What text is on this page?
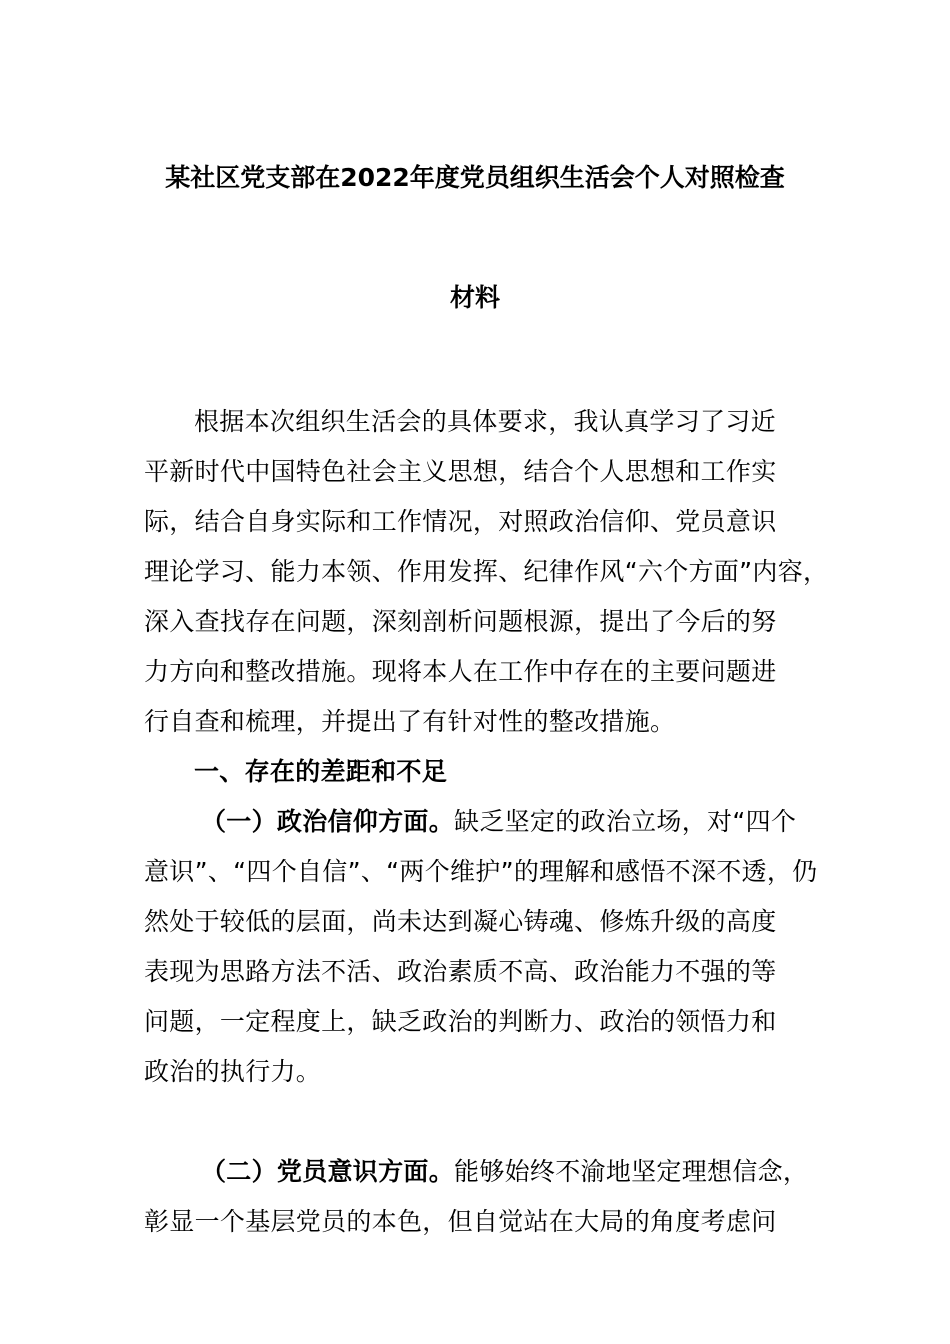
某社区党支部在2022年度党员组织生活会个人对照检查
材料
根据本次组织生活会的具体要求，我认真学习了习近
平新时代中国特色社会主义思想，结合个人思想和工作实
际，结合自身实际和工作情况，对照政治信仰、党员意识
理论学习、能力本领、作用发挥、纪律作风“六个方面”内容，
深入查找存在问题，深刻剖析问题根源，提出了今后的努
力方向和整改措施。现将本人在工作中存在的主要问题进
行自查和梳理，并提出了有针对性的整改措施。
一、存在的差距和不足
（一）政治信仰方面。缺乏坚定的政治立场，对“四个
意识”、“四个自信”、“两个维护”的理解和感悟不深不透，仍
然处于较低的层面，尚未达到凝心铸魂、修炼升级的高度
表现为思路方法不活、政治素质不高、政治能力不强的等
问题，一定程度上，缺乏政治的判断力、政治的领悟力和
政治的执行力。
（二）党员意识方面。能够始终不渝地坚定理想信念，
彰显一个基层党员的本色，但自觉站在大局的角度考虑问
